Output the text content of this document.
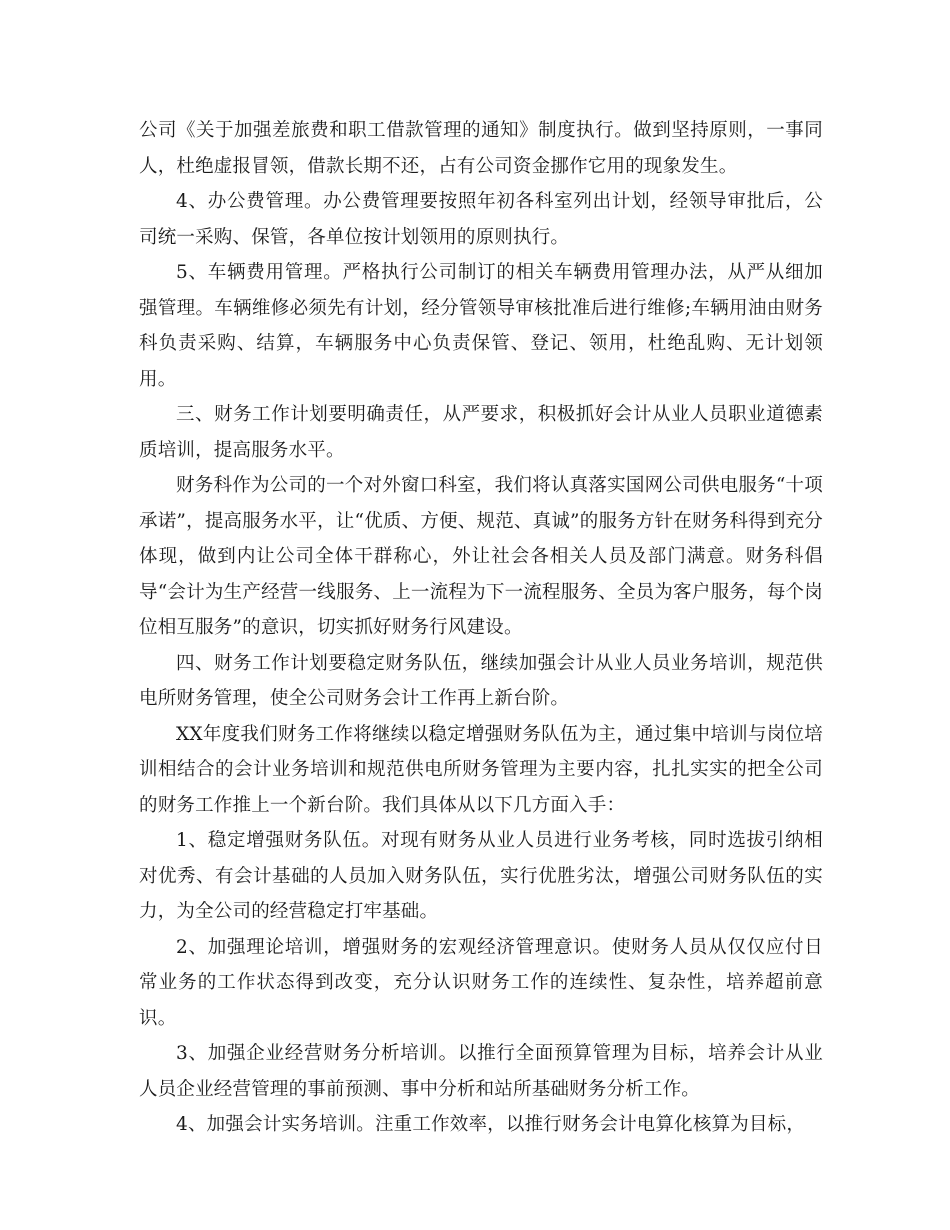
公司《关于加强差旅费和职工借款管理的通知》制度执行。做到坚持原则，一事同人，杜绝虚报冒领，借款长期不还，占有公司资金挪作它用的现象发生。

4、办公费管理。办公费管理要按照年初各科室列出计划，经领导审批后，公司统一采购、保管，各单位按计划领用的原则执行。

5、车辆费用管理。严格执行公司制订的相关车辆费用管理办法，从严从细加强管理。车辆维修必须先有计划，经分管领导审核批准后进行维修;车辆用油由财务科负责采购、结算，车辆服务中心负责保管、登记、领用，杜绝乱购、无计划领用。

三、财务工作计划要明确责任，从严要求，积极抓好会计从业人员职业道德素质培训，提高服务水平。

财务科作为公司的一个对外窗口科室，我们将认真落实国网公司供电服务“十项承诺”，提高服务水平，让“优质、方便、规范、真诚”的服务方针在财务科得到充分体现，做到内让公司全体干群称心，外让社会各相关人员及部门满意。财务科倡导“会计为生产经营一线服务、上一流程为下一流程服务、全员为客户服务，每个岗位相互服务”的意识，切实抓好财务行风建设。

四、财务工作计划要稳定财务队伍，继续加强会计从业人员业务培训，规范供电所财务管理，使全公司财务会计工作再上新台阶。

XX年度我们财务工作将继续以稳定增强财务队伍为主，通过集中培训与岗位培训相结合的会计业务培训和规范供电所财务管理为主要内容，扎扎实实的把全公司的财务工作推上一个新台阶。我们具体从以下几方面入手：

1、稳定增强财务队伍。对现有财务从业人员进行业务考核，同时选拔引纳相对优秀、有会计基础的人员加入财务队伍，实行优胜劣汰，增强公司财务队伍的实力，为全公司的经营稳定打牢基础。

2、加强理论培训，增强财务的宏观经济管理意识。使财务人员从仅仅应付日常业务的工作状态得到改变，充分认识财务工作的连续性、复杂性，培养超前意识。

3、加强企业经营财务分析培训。以推行全面预算管理为目标，培养会计从业人员企业经营管理的事前预测、事中分析和站所基础财务分析工作。

4、加强会计实务培训。注重工作效率，以推行财务会计电算化核算为目标，
